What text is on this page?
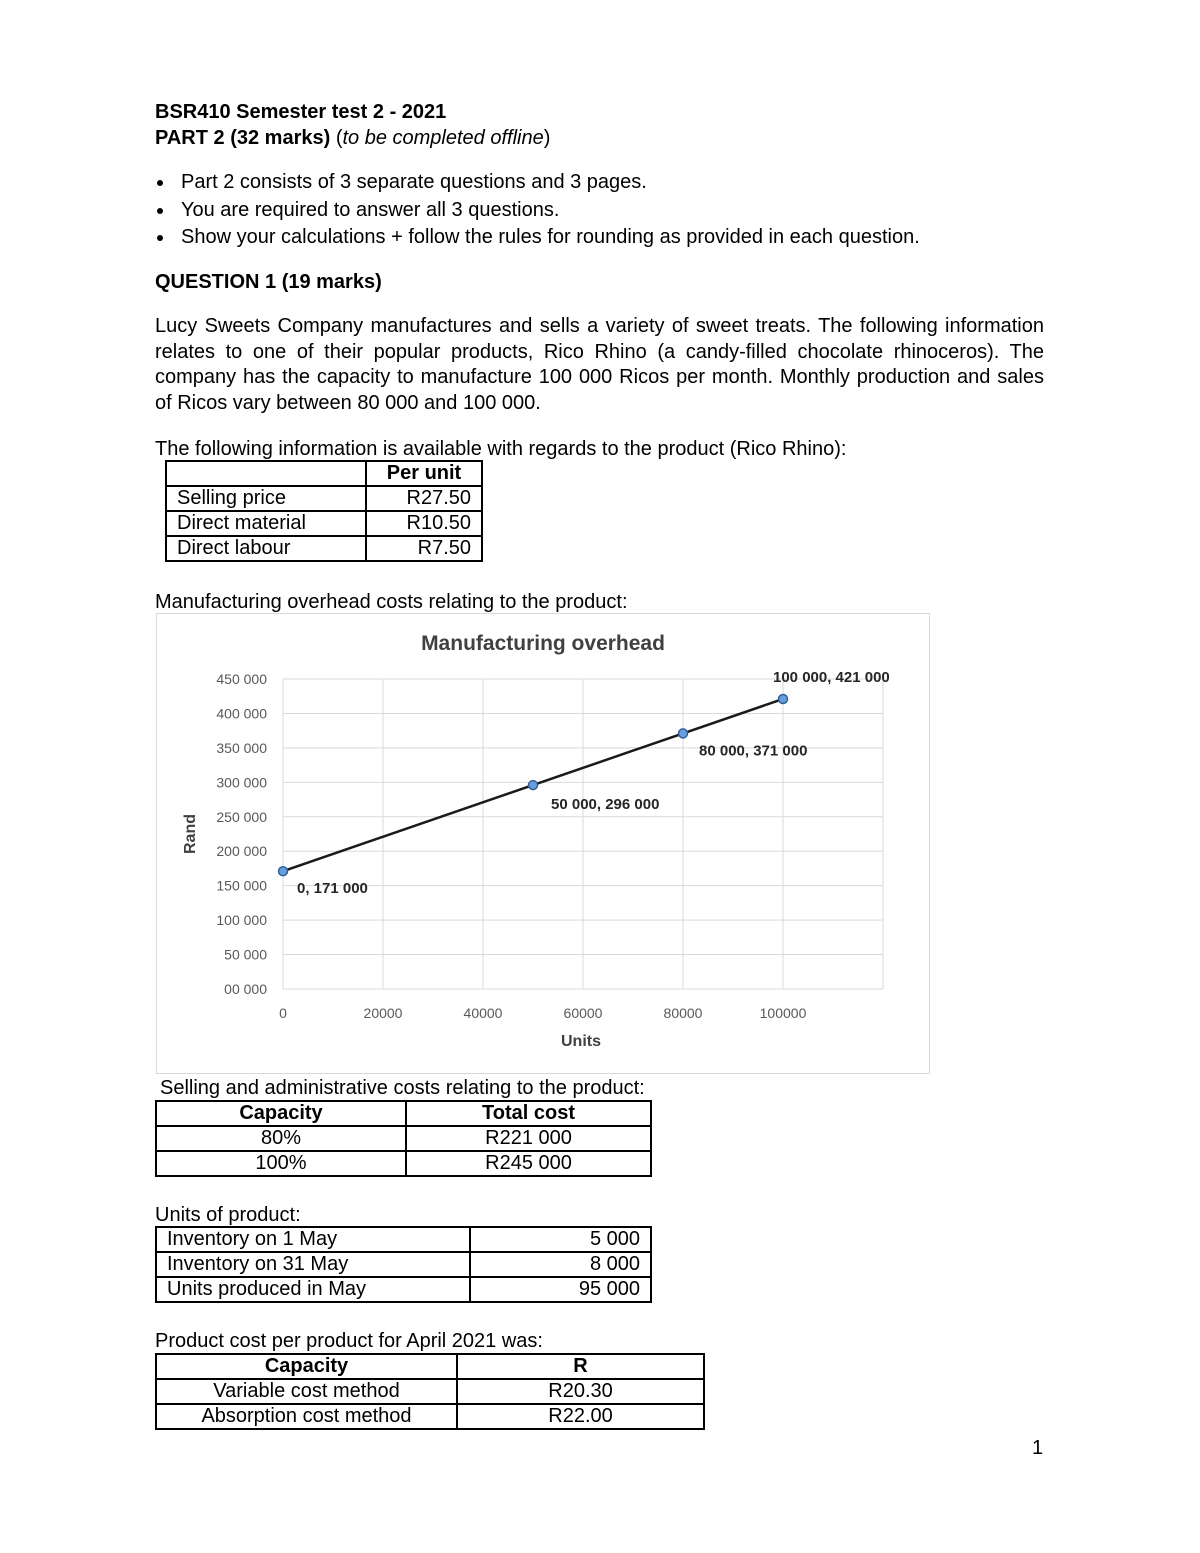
BSR410 Semester test 2 - 2021
PART 2 (32 marks) (to be completed offline)
Part 2 consists of 3 separate questions and 3 pages.
You are required to answer all 3 questions.
Show your calculations + follow the rules for rounding as provided in each question.
QUESTION 1 (19 marks)
Lucy Sweets Company manufactures and sells a variety of sweet treats. The following information relates to one of their popular products, Rico Rhino (a candy-filled chocolate rhinoceros). The company has the capacity to manufacture 100 000 Ricos per month. Monthly production and sales of Ricos vary between 80 000 and 100 000.
The following information is available with regards to the product (Rico Rhino):
	Per unit
Selling price	R27.50
Direct material	R10.50
Direct labour	R7.50
Manufacturing overhead costs relating to the product:
Manufacturing overhead
00 000
50 000
100 000
150 000
200 000
250 000
300 000
350 000
400 000
450 000
0	20000	40000	60000	80000	100000
Units
Rand
0, 171 000
50 000, 296 000
80 000, 371 000
100 000, 421 000
Selling and administrative costs relating to the product:
Capacity	Total cost
80%	R221 000
100%	R245 000
Units of product:
Inventory on 1 May	5 000
Inventory on 31 May	8 000
Units produced in May	95 000
Product cost per product for April 2021 was:
Capacity	R
Variable cost method	R20.30
Absorption cost method	R22.00
1
